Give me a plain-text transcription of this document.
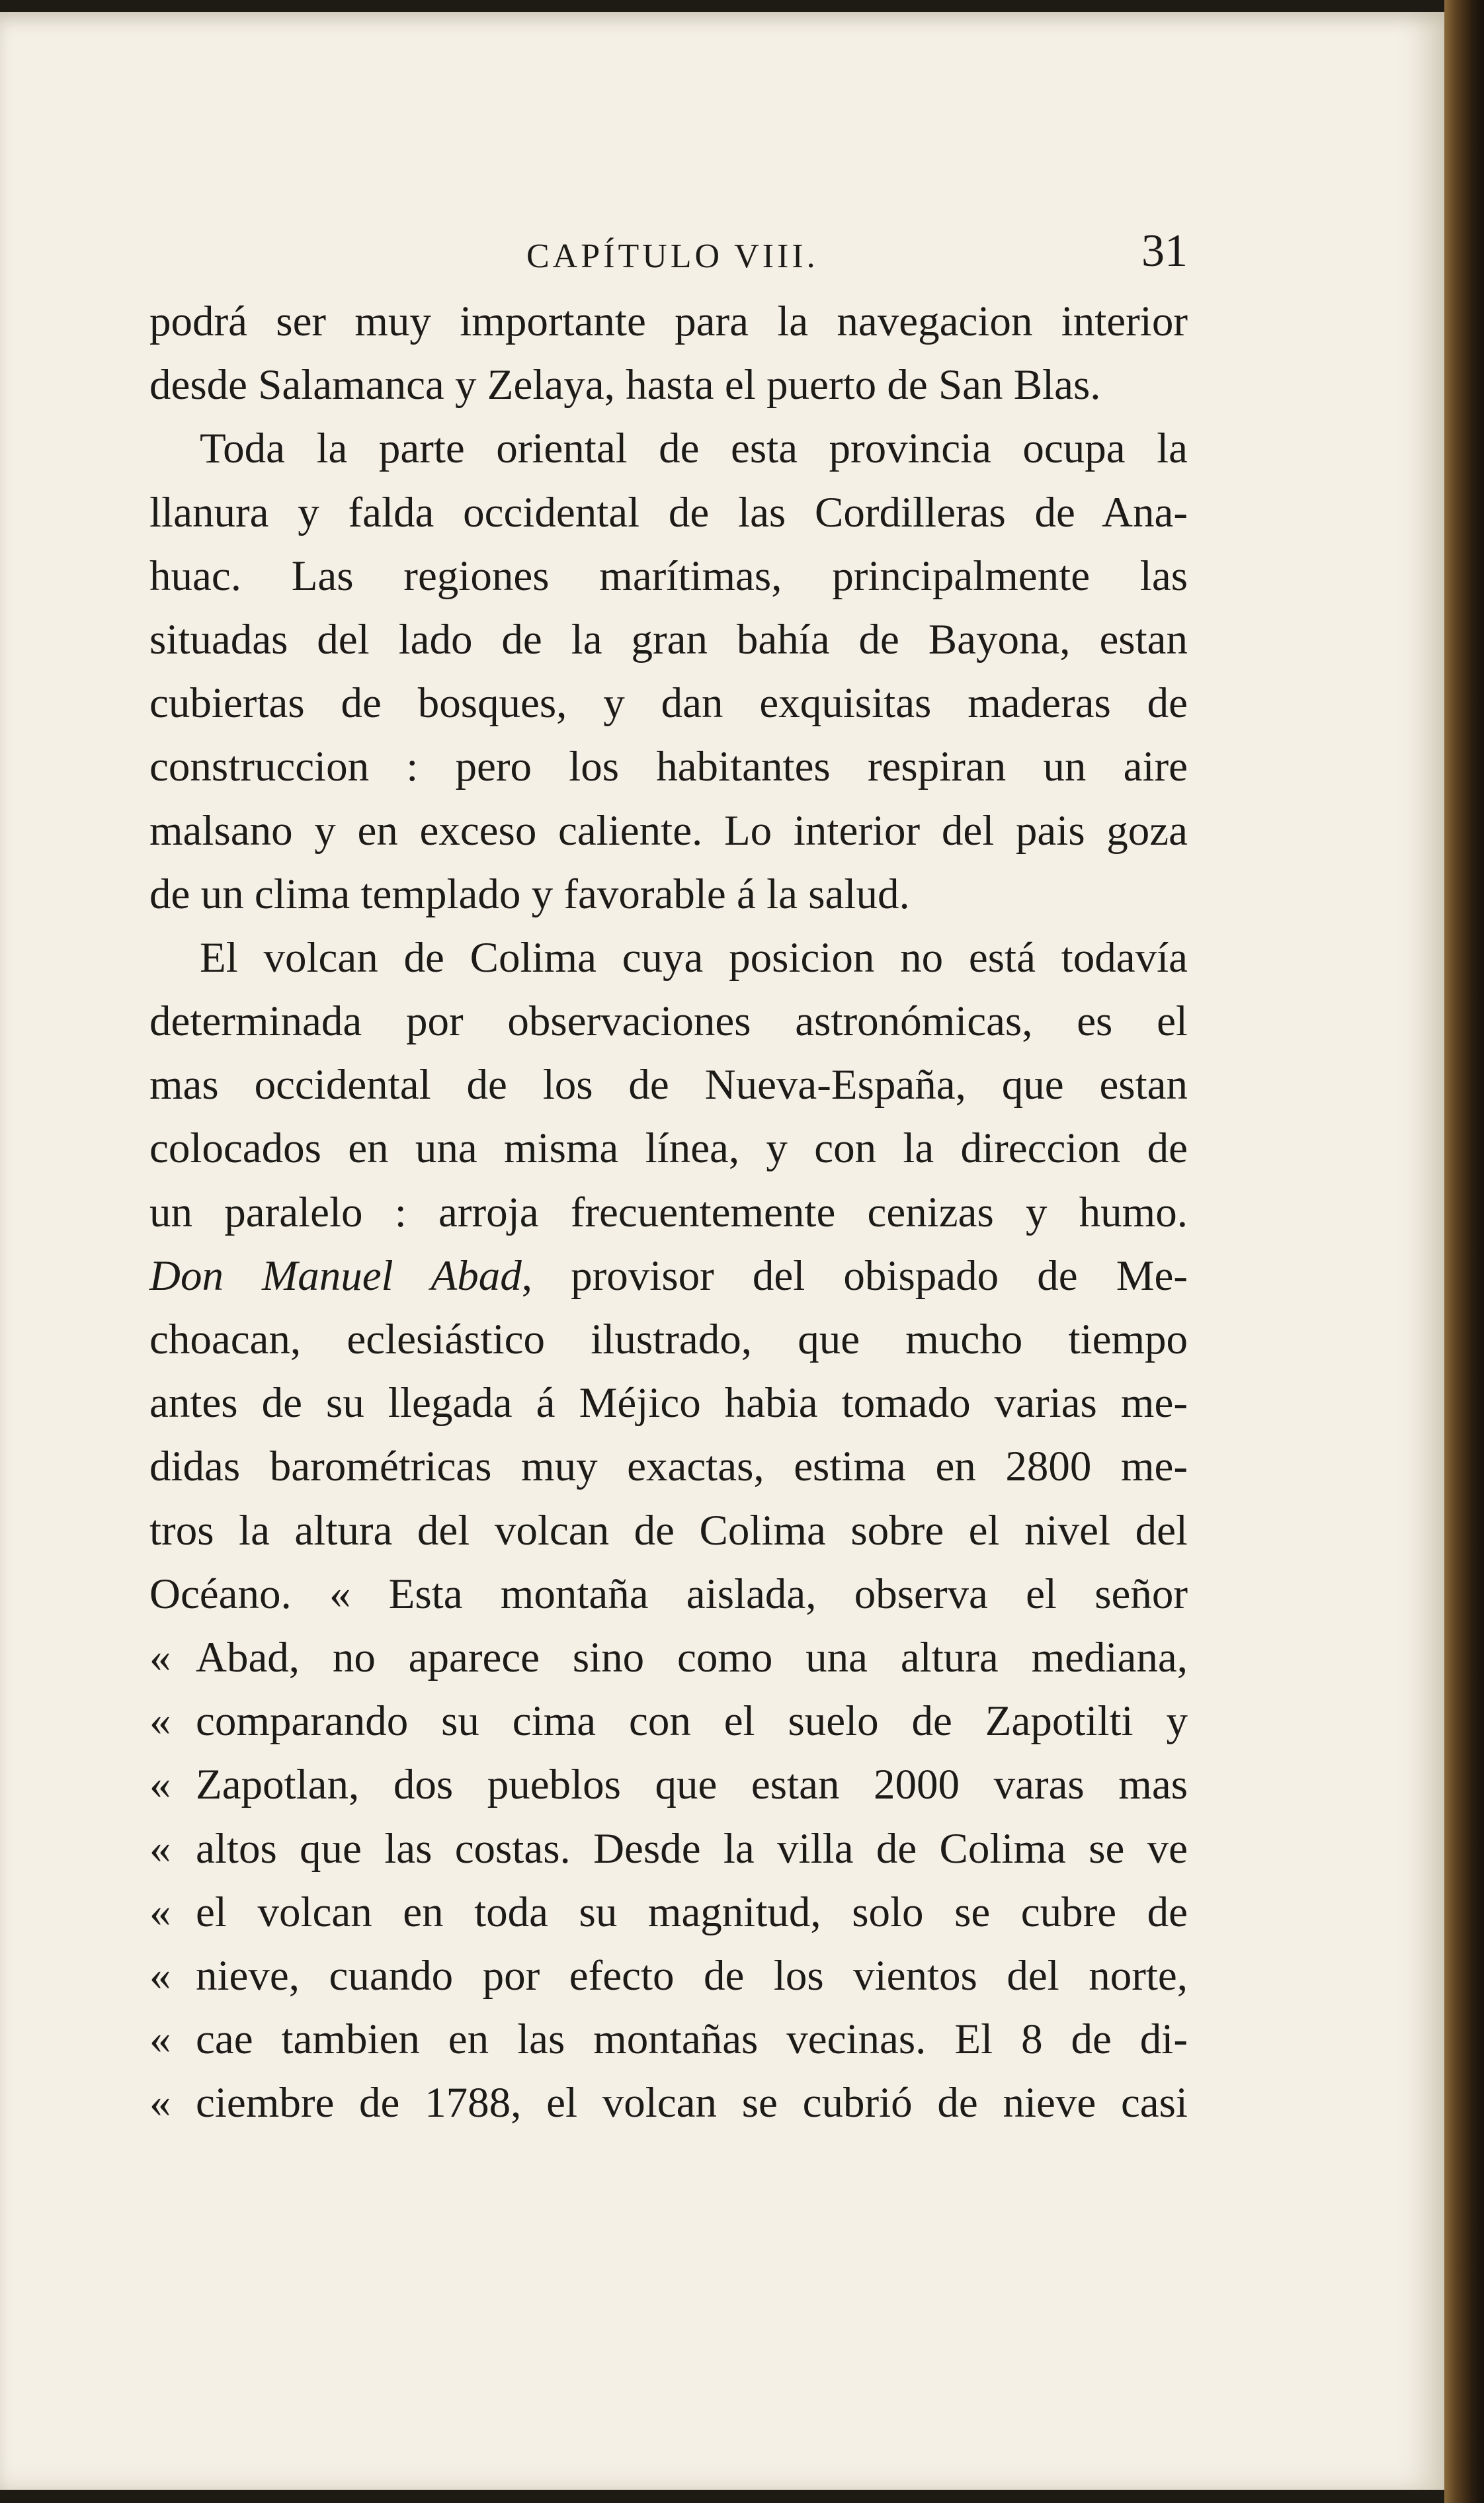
CAPÍTULO VIII.	31
podrá ser muy importante para la navegacion interior
desde Salamanca y Zelaya, hasta el puerto de San Blas.
Toda la parte oriental de esta provincia ocupa la
llanura y falda occidental de las Cordilleras de Ana-
huac. Las regiones marítimas, principalmente las
situadas del lado de la gran bahía de Bayona, estan
cubiertas de bosques, y dan exquisitas maderas de
construccion : pero los habitantes respiran un aire
malsano y en exceso caliente. Lo interior del pais goza
de un clima templado y favorable á la salud.
El volcan de Colima cuya posicion no está todavía
determinada por observaciones astronómicas, es el
mas occidental de los de Nueva-España, que estan
colocados en una misma línea, y con la direccion de
un paralelo : arroja frecuentemente cenizas y humo.
Don Manuel Abad, provisor del obispado de Me-
choacan, eclesiástico ilustrado, que mucho tiempo
antes de su llegada á Méjico habia tomado varias me-
didas barométricas muy exactas, estima en 2800 me-
tros la altura del volcan de Colima sobre el nivel del
Océano. « Esta montaña aislada, observa el señor
« Abad, no aparece sino como una altura mediana,
« comparando su cima con el suelo de Zapotilti y
« Zapotlan, dos pueblos que estan 2000 varas mas
« altos que las costas. Desde la villa de Colima se ve
« el volcan en toda su magnitud, solo se cubre de
« nieve, cuando por efecto de los vientos del norte,
« cae tambien en las montañas vecinas. El 8 de di-
« ciembre de 1788, el volcan se cubrió de nieve casi
